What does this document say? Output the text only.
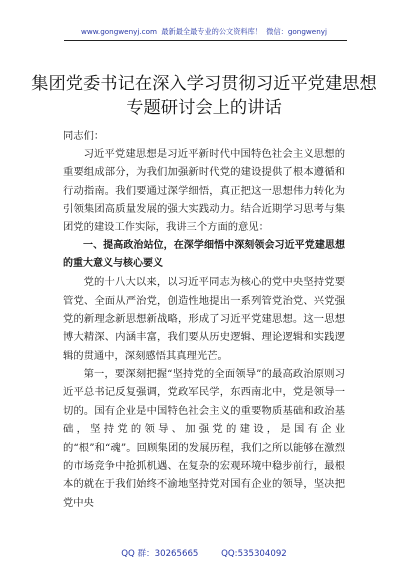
www.gongwenyj.com 最新最全最专业的公文资料库！ 微信：gongwenyj
集团党委书记在深入学习贯彻习近平党建思想
专题研讨会上的讲话
同志们：

习近平党建思想是习近平新时代中国特色社会主义思想的重要组成部分，为我们加强新时代党的建设提供了根本遵循和行动指南。我们要通过深学细悟，真正把这一思想伟力转化为引领集团高质量发展的强大实践动力。结合近期学习思考与集团党的建设工作实际，我讲三个方面的意见：

一、提高政治站位，在深学细悟中深刻领会习近平党建思想的重大意义与核心要义

党的十八大以来，以习近平同志为核心的党中央坚持党要管党、全面从严治党，创造性地提出一系列管党治党、兴党强党的新理念新思想新战略，形成了习近平党建思想。这一思想博大精深、内涵丰富，我们要从历史逻辑、理论逻辑和实践逻辑的贯通中，深刻感悟其真理光芒。

第一，要深刻把握“坚持党的全面领导”的最高政治原则习近平总书记反复强调，党政军民学，东西南北中，党是领导一切的。国有企业是中国特色社会主义的重要物质基础和政治基础，坚持党的领导、加强党的建设，是国有企业的“根”和“魂”。回顾集团的发展历程，我们之所以能够在激烈的市场竞争中抢抓机遇、在复杂的宏观环境中稳步前行，最根本的就在于我们始终不渝地坚持党对国有企业的领导，坚决把党中央

QQ 群：30265665	QQ:535304092
